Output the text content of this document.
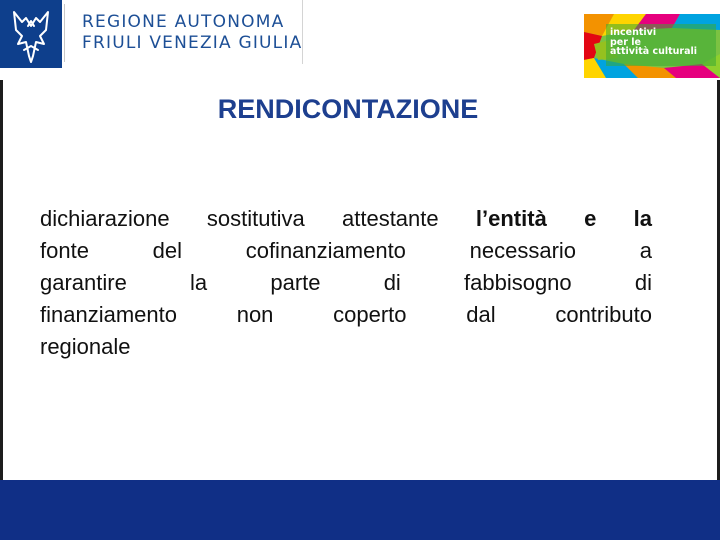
REGIONE AUTONOMA
FRIULI VENEZIA GIULIA
incentivi
per le
attività culturali
RENDICONTAZIONE
dichiarazione sostitutiva attestante l’entità e la
fonte	del	cofinanziamento	necessario	a
garantire	la	parte	di	fabbisogno	di
finanziamento	non	coperto	dal	contributo
regionale
